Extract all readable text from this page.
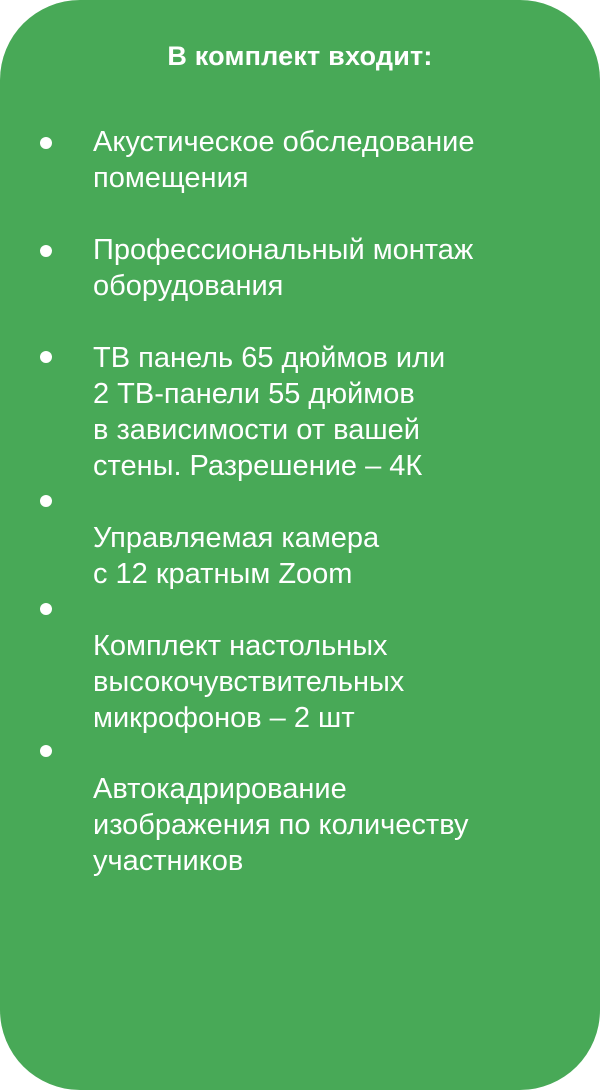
В комплект входит:
Акустическое обследование
помещения
Профессиональный монтаж
оборудования
ТВ панель 65 дюймов или
2 ТВ-панели 55 дюймов
в зависимости от вашей
стены. Разрешение – 4К
Управляемая камера
с 12 кратным Zoom
Комплект настольных
высокочувствительных
микрофонов – 2 шт
Автокадрирование
изображения по количеству
участников
